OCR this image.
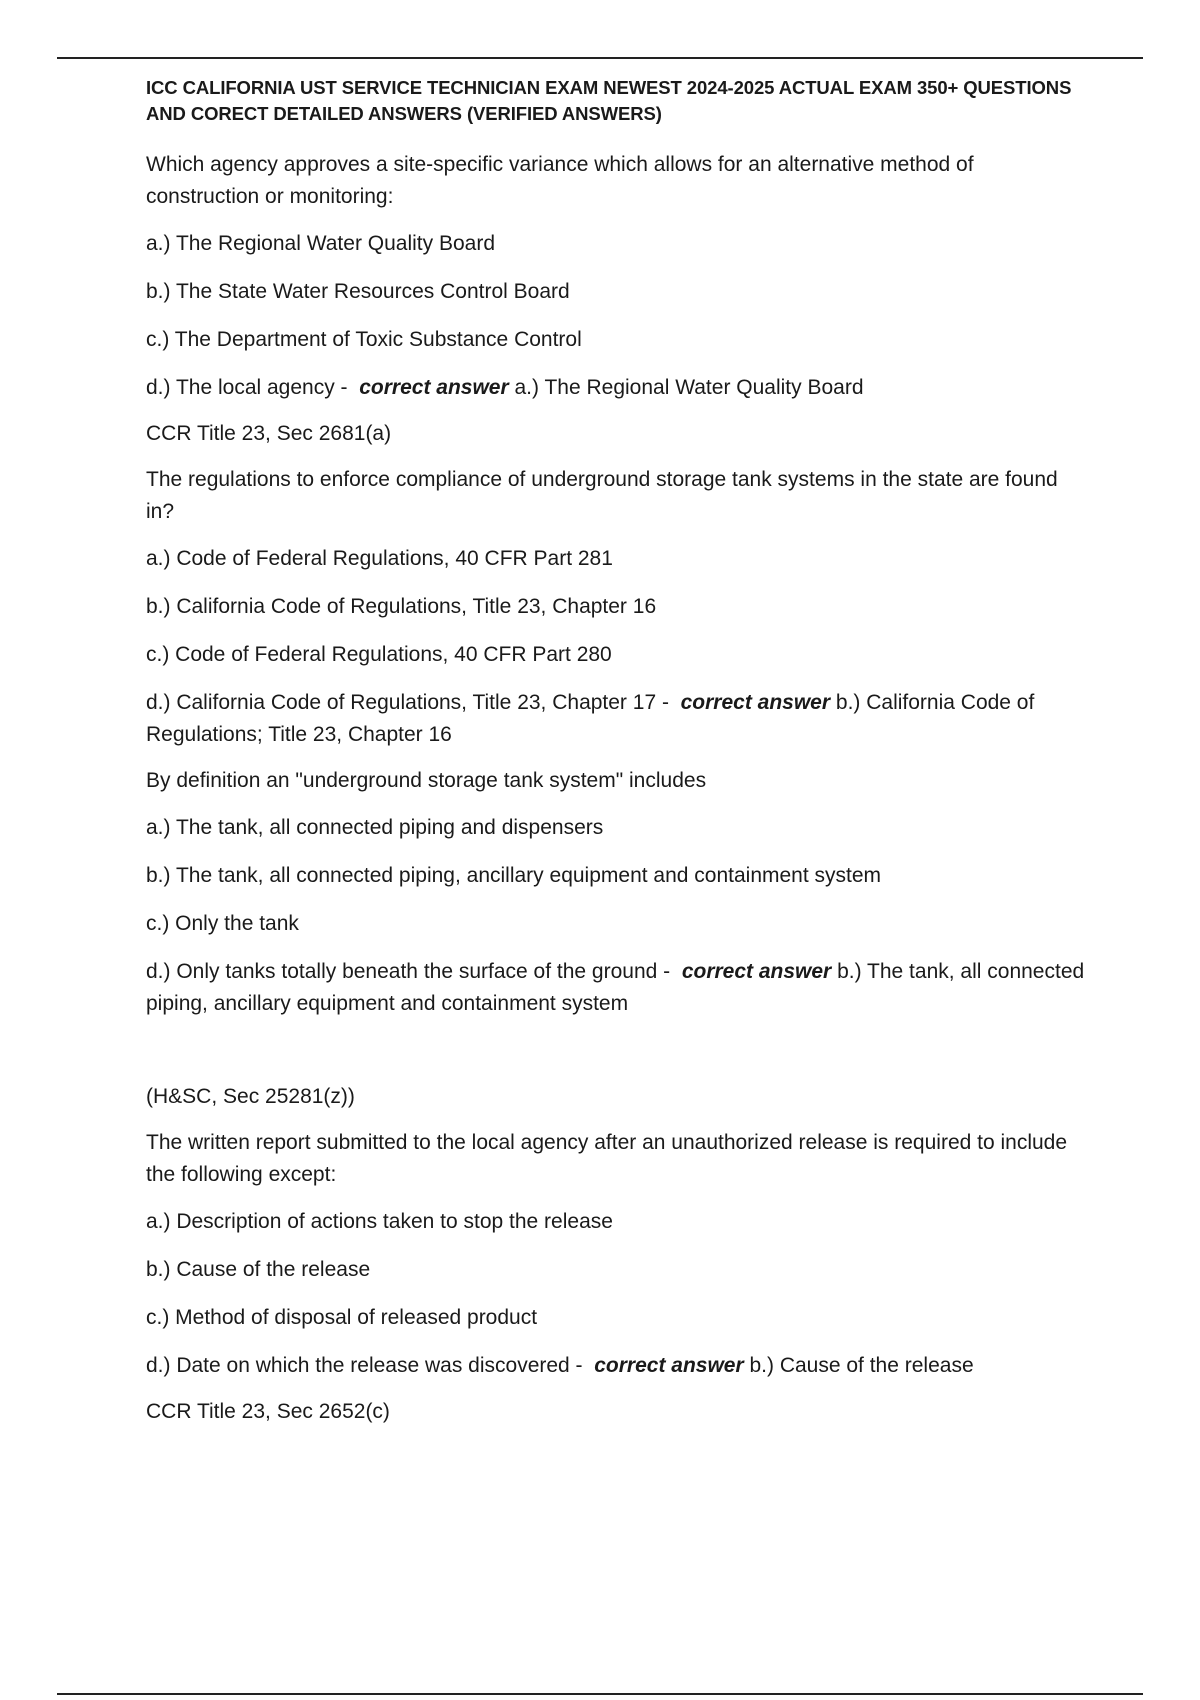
ICC CALIFORNIA UST SERVICE TECHNICIAN EXAM NEWEST 2024-2025 ACTUAL EXAM 350+ QUESTIONS AND CORECT DETAILED ANSWERS (VERIFIED ANSWERS)

Which agency approves a site-specific variance which allows for an alternative method of construction or monitoring:

a.) The Regional Water Quality Board

b.) The State Water Resources Control Board

c.) The Department of Toxic Substance Control

d.) The local agency - correct answer a.) The Regional Water Quality Board

CCR Title 23, Sec 2681(a)

The regulations to enforce compliance of underground storage tank systems in the state are found in?

a.) Code of Federal Regulations, 40 CFR Part 281

b.) California Code of Regulations, Title 23, Chapter 16

c.) Code of Federal Regulations, 40 CFR Part 280

d.) California Code of Regulations, Title 23, Chapter 17 - correct answer b.) California Code of Regulations; Title 23, Chapter 16

By definition an "underground storage tank system" includes

a.) The tank, all connected piping and dispensers

b.) The tank, all connected piping, ancillary equipment and containment system

c.) Only the tank

d.) Only tanks totally beneath the surface of the ground - correct answer b.) The tank, all connected piping, ancillary equipment and containment system

(H&SC, Sec 25281(z))

The written report submitted to the local agency after an unauthorized release is required to include the following except:

a.) Description of actions taken to stop the release

b.) Cause of the release

c.) Method of disposal of released product

d.) Date on which the release was discovered - correct answer b.) Cause of the release

CCR Title 23, Sec 2652(c)
